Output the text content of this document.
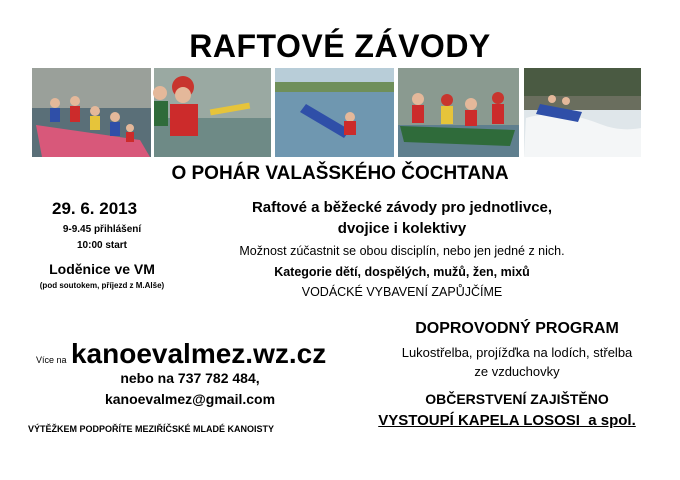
RAFTOVÉ ZÁVODY
O POHÁR VALAŠSKÉHO ČOCHTANA
29. 6. 2013
9-9.45 přihlášení
10:00 start
Loděnice ve VM
(pod soutokem, příjezd z M.Alše)
Raftové a běžecké závody pro jednotlivce,
dvojice i kolektivy
Možnost zúčastnit se obou disciplín, nebo jen jedné z nich.
Kategorie dětí, dospělých, mužů, žen, mixů
VODÁCKÉ VYBAVENÍ ZAPŮJČÍME
Více na kanoevalmez.wz.cz
nebo na 737 782 484,
kanoevalmez@gmail.com
VÝTĚŽKEM PODPOŘÍTE MEZIŘÍČSKÉ MLADÉ KANOISTY
DOPROVODNÝ PROGRAM
Lukostřelba, projížďka na lodích, střelba
ze vzduchovky
OBČERSTVENÍ ZAJIŠTĚNO
VYSTOUPÍ KAPELA LOSOSI  a spol.
